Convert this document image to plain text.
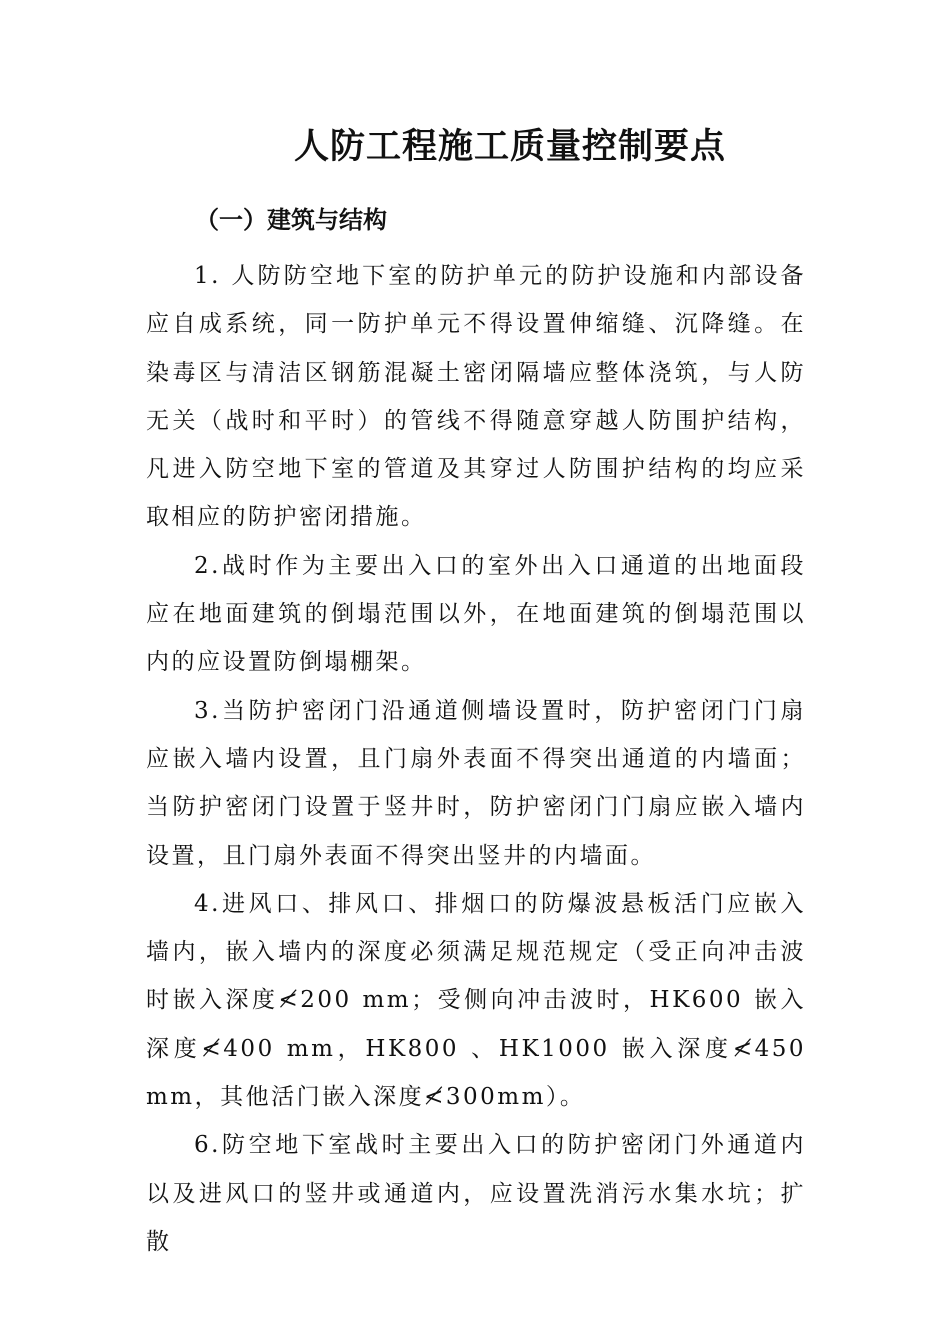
人防工程施工质量控制要点
（一）建筑与结构

1. 人防防空地下室的防护单元的防护设施和内部设备应自成系统，同一防护单元不得设置伸缩缝、沉降缝。在染毒区与清洁区钢筋混凝土密闭隔墙应整体浇筑，与人防无关（战时和平时）的管线不得随意穿越人防围护结构，凡进入防空地下室的管道及其穿过人防围护结构的均应采取相应的防护密闭措施。

2.战时作为主要出入口的室外出入口通道的出地面段应在地面建筑的倒塌范围以外，在地面建筑的倒塌范围以内的应设置防倒塌棚架。

3.当防护密闭门沿通道侧墙设置时，防护密闭门门扇应嵌入墙内设置，且门扇外表面不得突出通道的内墙面；当防护密闭门设置于竖井时，防护密闭门门扇应嵌入墙内设置，且门扇外表面不得突出竖井的内墙面。

4.进风口、排风口、排烟口的防爆波悬板活门应嵌入墙内，嵌入墙内的深度必须满足规范规定（受正向冲击波时嵌入深度≮200 mm；受侧向冲击波时，HK600 嵌入深度≮400 mm，HK800 、HK1000 嵌入深度≮450 mm，其他活门嵌入深度≮300mm）。

6.防空地下室战时主要出入口的防护密闭门外通道内以及进风口的竖井或通道内，应设置洗消污水集水坑；扩散
